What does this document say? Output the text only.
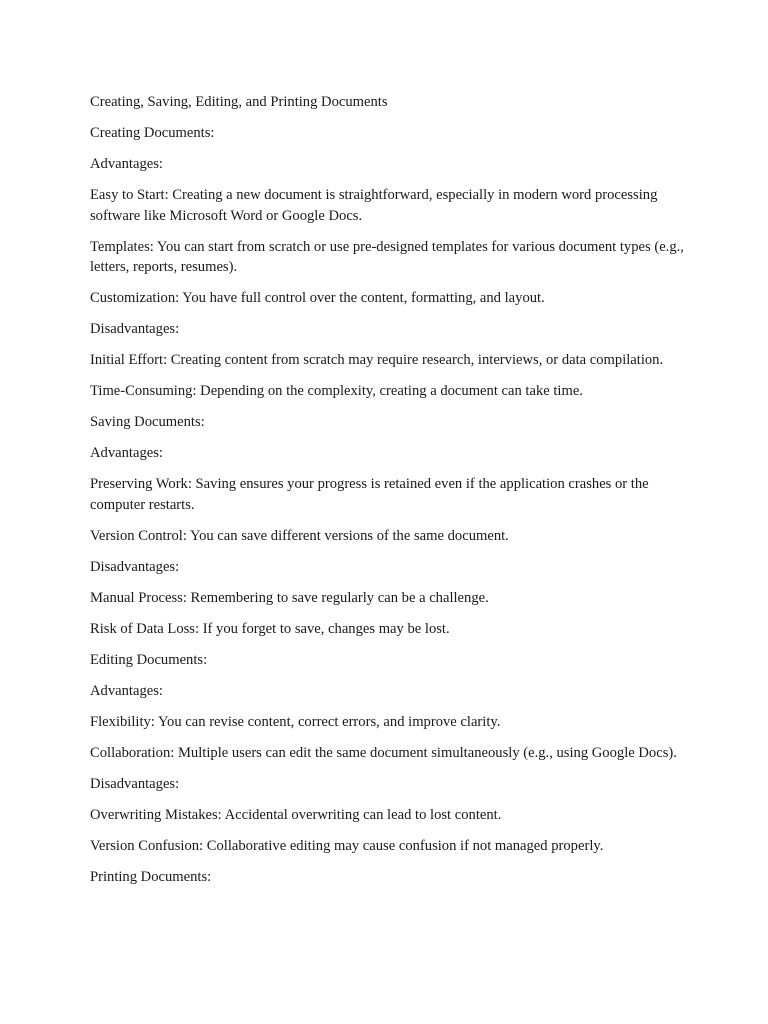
Creating, Saving, Editing, and Printing Documents

Creating Documents:

Advantages:

Easy to Start: Creating a new document is straightforward, especially in modern word processing software like Microsoft Word or Google Docs.

Templates: You can start from scratch or use pre-designed templates for various document types (e.g., letters, reports, resumes).

Customization: You have full control over the content, formatting, and layout.

Disadvantages:

Initial Effort: Creating content from scratch may require research, interviews, or data compilation.

Time-Consuming: Depending on the complexity, creating a document can take time.

Saving Documents:

Advantages:

Preserving Work: Saving ensures your progress is retained even if the application crashes or the computer restarts.

Version Control: You can save different versions of the same document.

Disadvantages:

Manual Process: Remembering to save regularly can be a challenge.

Risk of Data Loss: If you forget to save, changes may be lost.

Editing Documents:

Advantages:

Flexibility: You can revise content, correct errors, and improve clarity.

Collaboration: Multiple users can edit the same document simultaneously (e.g., using Google Docs).

Disadvantages:

Overwriting Mistakes: Accidental overwriting can lead to lost content.

Version Confusion: Collaborative editing may cause confusion if not managed properly.

Printing Documents:
